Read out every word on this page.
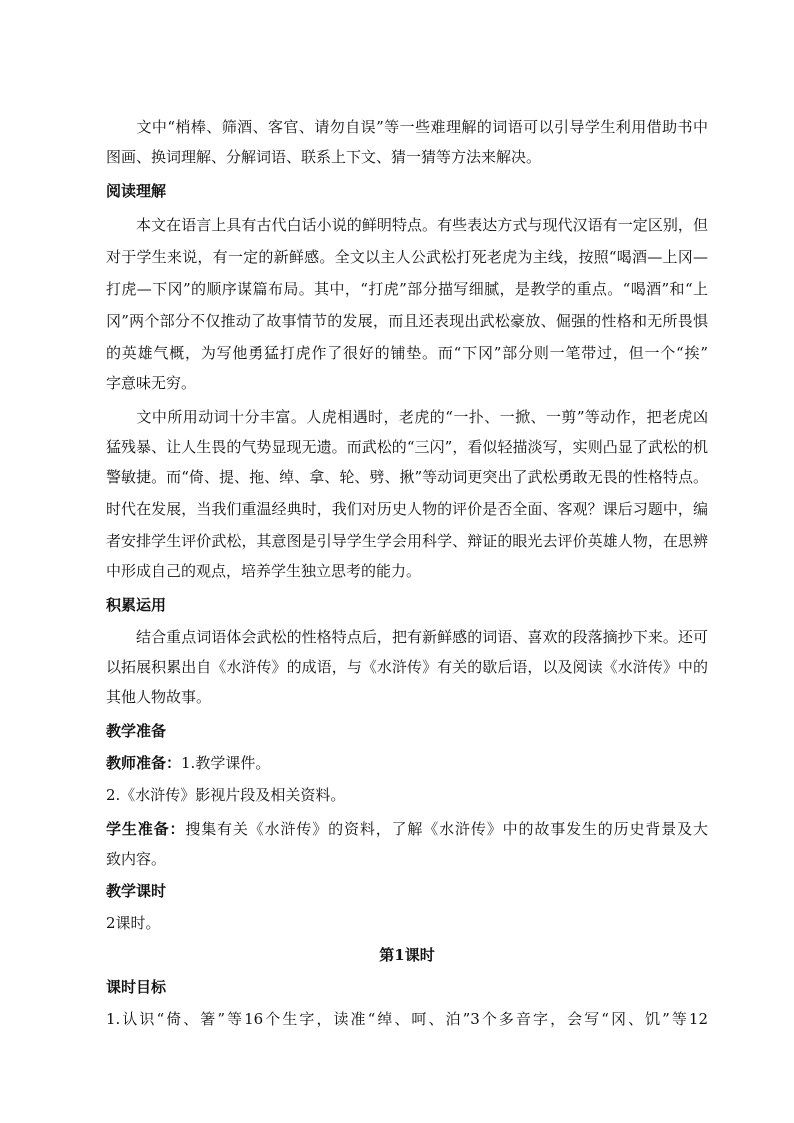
文中“梢棒、筛酒、客官、请勿自误”等一些难理解的词语可以引导学生利用借助书中
图画、换词理解、分解词语、联系上下文、猜一猜等方法来解决。
阅读理解
本文在语言上具有古代白话小说的鲜明特点。有些表达方式与现代汉语有一定区别，但
对于学生来说，有一定的新鲜感。全文以主人公武松打死老虎为主线，按照“喝酒—上冈—
打虎—下冈”的顺序谋篇布局。其中，“打虎”部分描写细腻，是教学的重点。“喝酒”和“上
冈”两个部分不仅推动了故事情节的发展，而且还表现出武松豪放、倔强的性格和无所畏惧
的英雄气概，为写他勇猛打虎作了很好的铺垫。而“下冈”部分则一笔带过，但一个“挨”
字意味无穷。
文中所用动词十分丰富。人虎相遇时，老虎的“一扑、一掀、一剪”等动作，把老虎凶
猛残暴、让人生畏的气势显现无遗。而武松的“三闪”，看似轻描淡写，实则凸显了武松的机
警敏捷。而“倚、提、拖、绰、拿、轮、劈、揪”等动词更突出了武松勇敢无畏的性格特点。
时代在发展，当我们重温经典时，我们对历史人物的评价是否全面、客观？课后习题中，编
者安排学生评价武松，其意图是引导学生学会用科学、辩证的眼光去评价英雄人物，在思辨
中形成自己的观点，培养学生独立思考的能力。
积累运用
结合重点词语体会武松的性格特点后，把有新鲜感的词语、喜欢的段落摘抄下来。还可
以拓展积累出自《水浒传》的成语，与《水浒传》有关的歇后语，以及阅读《水浒传》中的
其他人物故事。
教学准备
教师准备：1.教学课件。
2.《水浒传》影视片段及相关资料。
学生准备：搜集有关《水浒传》的资料，了解《水浒传》中的故事发生的历史背景及大
致内容。
教学课时
2课时。
第1课时
课时目标
1.认识“倚、箸”等16个生字，读准“绰、呵、泊”3个多音字，会写“冈、饥”等12
